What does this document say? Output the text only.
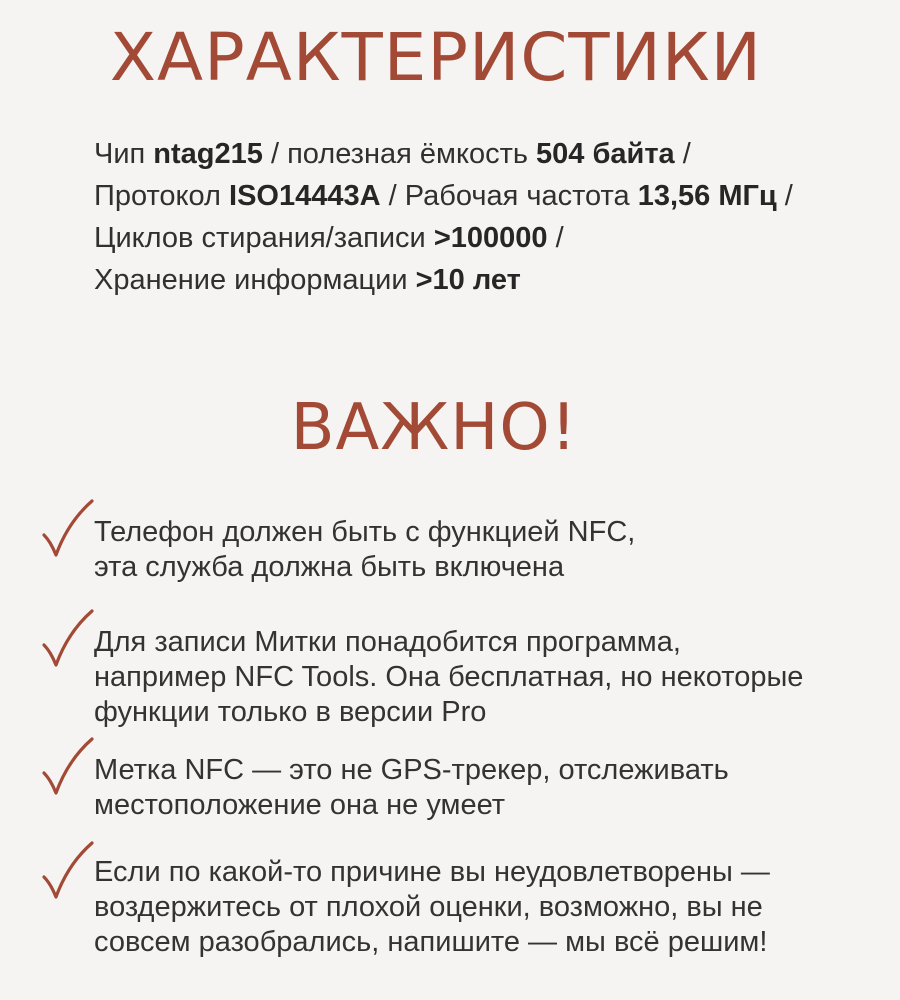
ХАРАКТЕРИСТИКИ
Чип ntag215 / полезная ёмкость 504 байта /
Протокол ISO14443A / Рабочая частота 13,56 МГц /
Циклов стирания/записи >100000 /
Хранение информации >10 лет
ВАЖНО!
Телефон должен быть с функцией NFC,
эта служба должна быть включена
Для записи Митки понадобится программа,
например NFC Tools. Она бесплатная, но некоторые
функции только в версии Pro
Метка NFC — это не GPS-трекер, отслеживать
местоположение она не умеет
Если по какой-то причине вы неудовлетворены —
воздержитесь от плохой оценки, возможно, вы не
совсем разобрались, напишите — мы всё решим!
